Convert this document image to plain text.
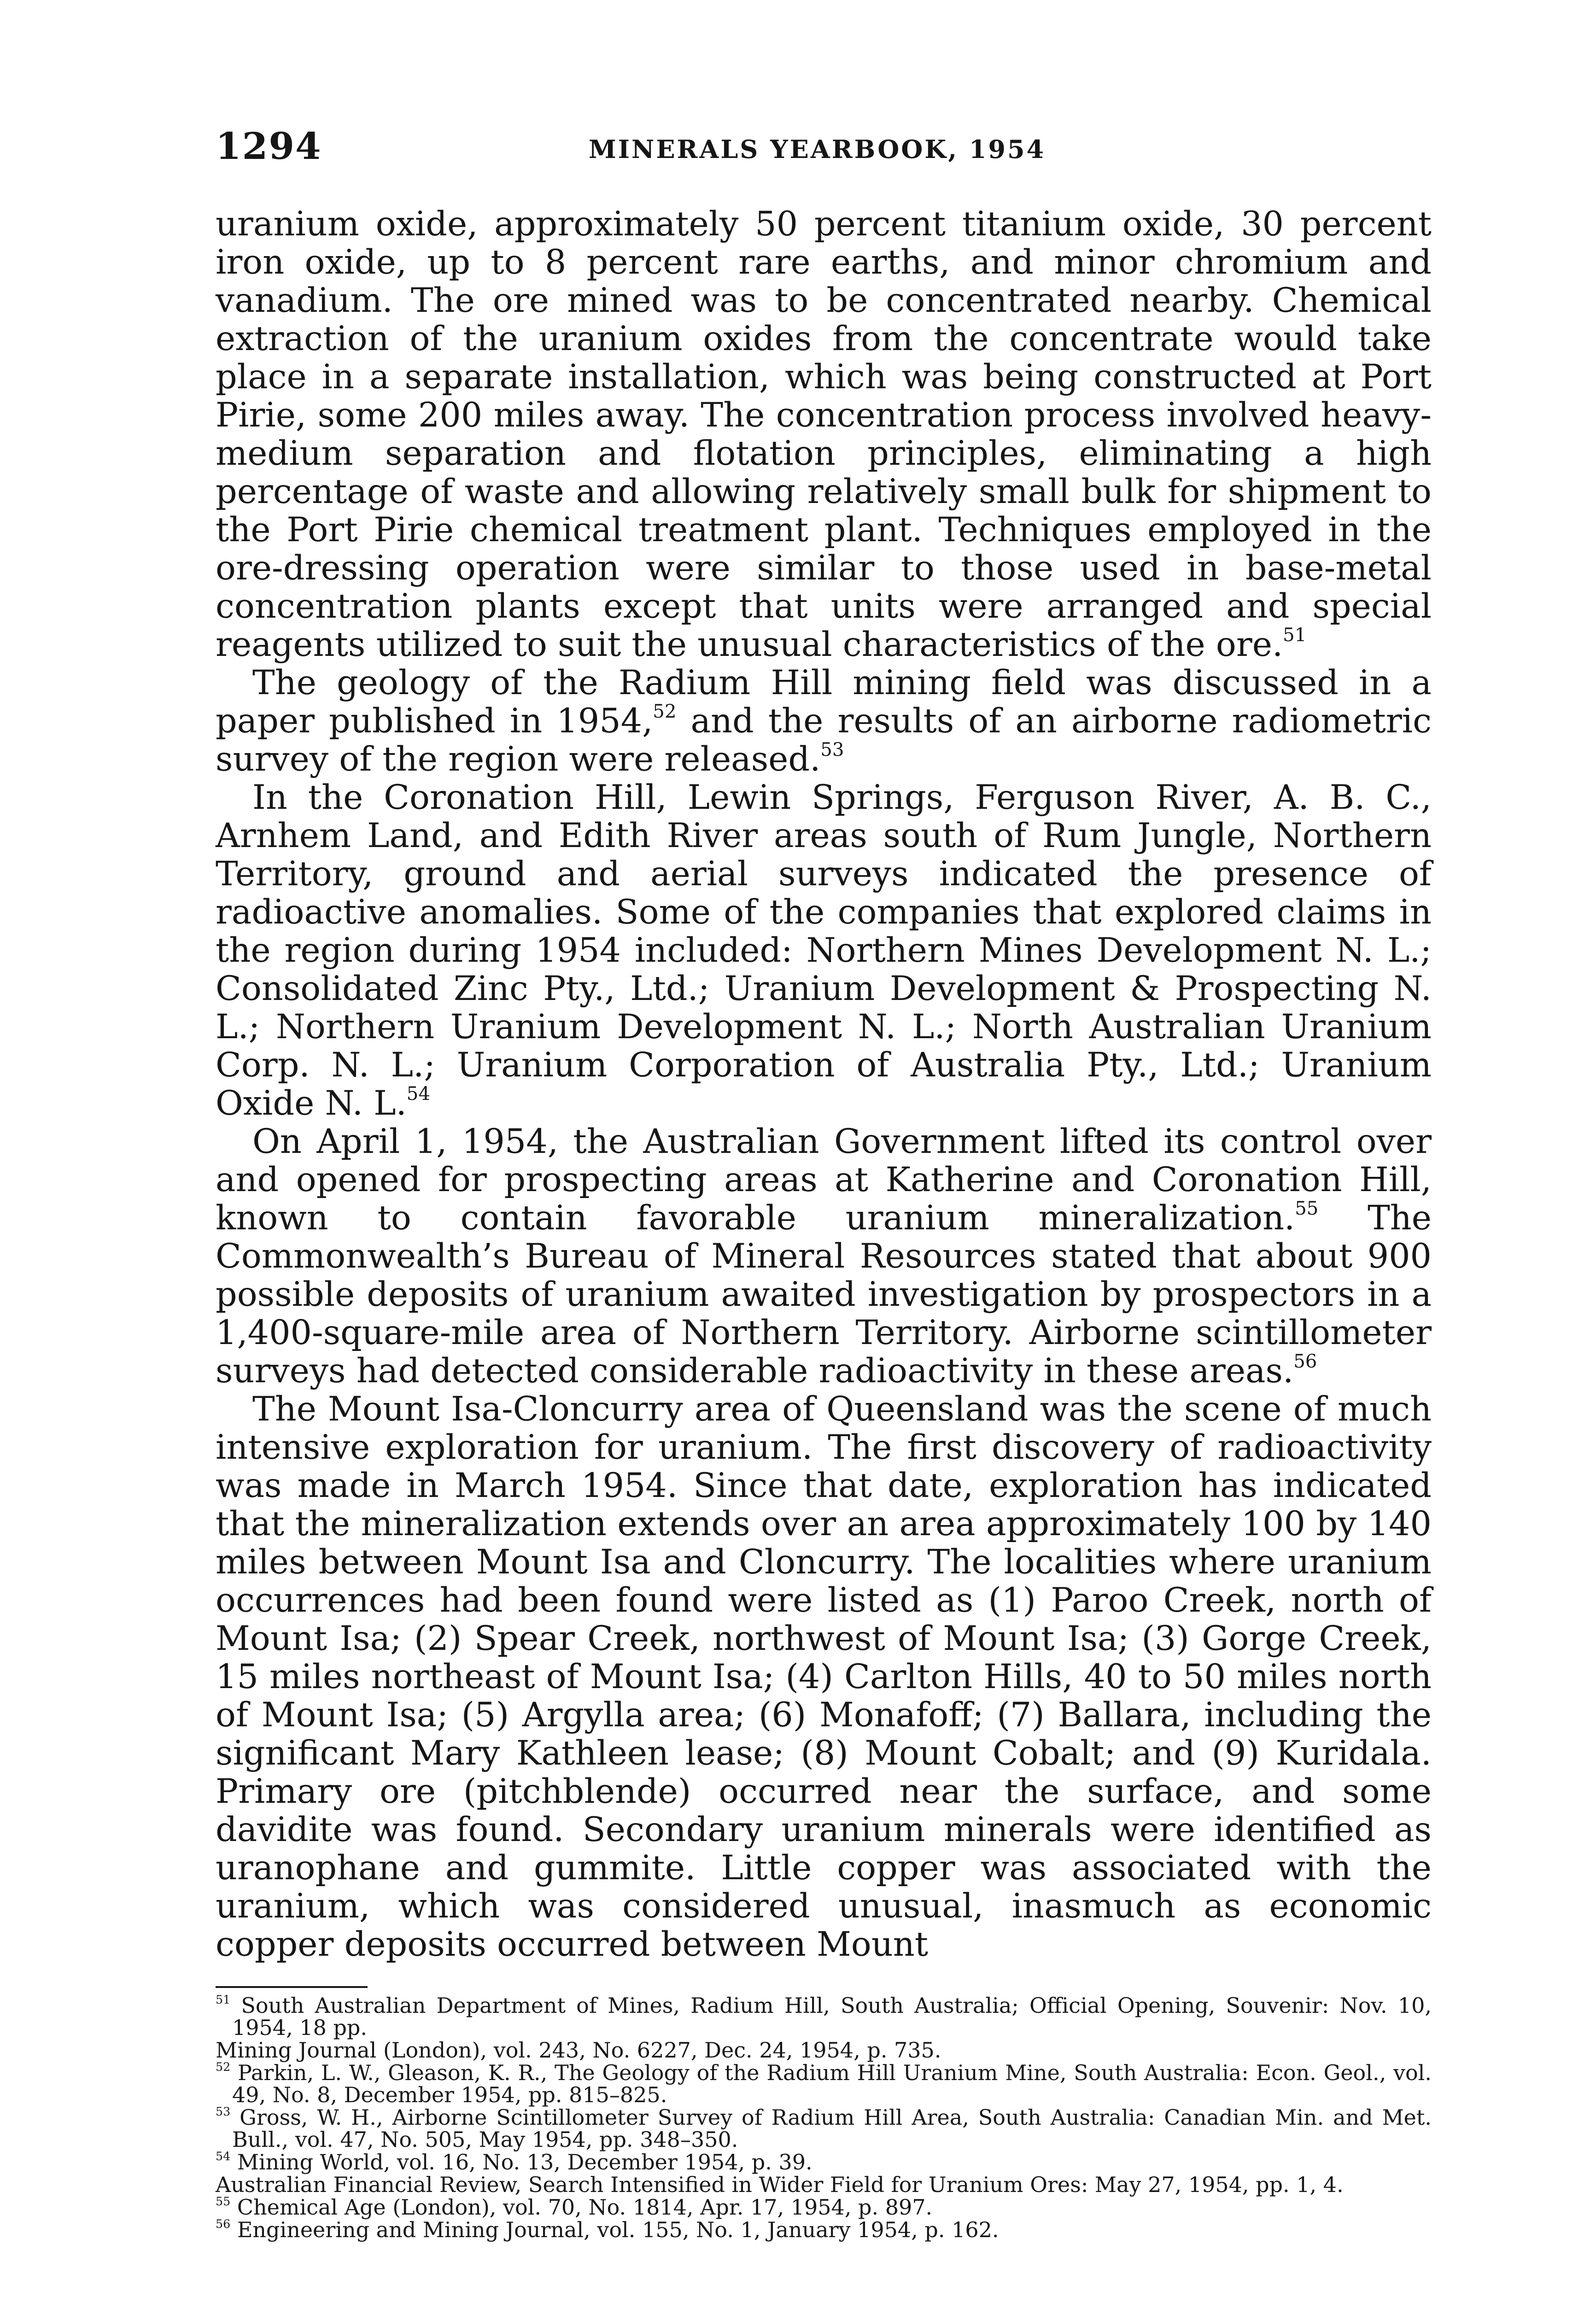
1294	MINERALS YEARBOOK, 1954

uranium oxide, approximately 50 percent titanium oxide, 30 percent iron oxide, up to 8 percent rare earths, and minor chromium and vanadium. The ore mined was to be concentrated nearby. Chemical extraction of the uranium oxides from the concentrate would take place in a separate installation, which was being constructed at Port Pirie, some 200 miles away. The concentration process involved heavy-medium separation and flotation principles, eliminating a high percentage of waste and allowing relatively small bulk for shipment to the Port Pirie chemical treatment plant. Techniques employed in the ore-dressing operation were similar to those used in base-metal concentration plants except that units were arranged and special reagents utilized to suit the unusual characteristics of the ore.$^{51}$

The geology of the Radium Hill mining field was discussed in a paper published in 1954,52 and the results of an airborne radiometric survey of the region were released.$^{53}$

In the Coronation Hill, Lewin Springs, Ferguson River, A. B. C., Arnhem Land, and Edith River areas south of Rum Jungle, Northern Territory, ground and aerial surveys indicated the presence of radioactive anomalies. Some of the companies that explored claims in the region during 1954 included: Northern Mines Development N. L.; Consolidated Zinc Pty., Ltd.; Uranium Development & Prospecting N. L.; Northern Uranium Development N. L.; North Australian Uranium Corp. N. L.; Uranium Corporation of Australia Pty., Ltd.; Uranium Oxide N. L.$^{54}$

On April 1, 1954, the Australian Government lifted its control over and opened for prospecting areas at Katherine and Coronation Hill, known to contain favorable uranium mineralization.$^{55}$ The Commonwealth’s Bureau of Mineral Resources stated that about 900 possible deposits of uranium awaited investigation by prospectors in a 1,400-square-mile area of Northern Territory. Airborne scintillometer surveys had detected considerable radioactivity in these areas.$^{56}$

The Mount Isa-Cloncurry area of Queensland was the scene of much intensive exploration for uranium. The first discovery of radioactivity was made in March 1954. Since that date, exploration has indicated that the mineralization extends over an area approximately 100 by 140 miles between Mount Isa and Cloncurry. The localities where uranium occurrences had been found were listed as (1) Paroo Creek, north of Mount Isa; (2) Spear Creek, northwest of Mount Isa; (3) Gorge Creek, 15 miles northeast of Mount Isa; (4) Carlton Hills, 40 to 50 miles north of Mount Isa; (5) Argylla area; (6) Monafoff; (7) Ballara, including the significant Mary Kathleen lease; (8) Mount Cobalt; and (9) Kuridala. Primary ore (pitchblende) occurred near the surface, and some davidite was found. Secondary uranium minerals were identified as uranophane and gummite. Little copper was associated with the uranium, which was considered unusual, inasmuch as economic copper deposits occurred between Mount

$^{51}$ South Australian Department of Mines, Radium Hill, South Australia; Official Opening, Souvenir: Nov. 10, 1954, 18 pp.

Mining Journal (London), vol. 243, No. 6227, Dec. 24, 1954, p. 735.

$^{52}$ Parkin, L. W., Gleason, K. R., The Geology of the Radium Hill Uranium Mine, South Australia: Econ. Geol., vol. 49, No. 8, December 1954, pp. 815–825.

$^{53}$ Gross, W. H., Airborne Scintillometer Survey of Radium Hill Area, South Australia: Canadian Min. and Met. Bull., vol. 47, No. 505, May 1954, pp. 348–350.

$^{54}$ Mining World, vol. 16, No. 13, December 1954, p. 39.

Australian Financial Review, Search Intensified in Wider Field for Uranium Ores: May 27, 1954, pp. 1, 4.

$^{55}$ Chemical Age (London), vol. 70, No. 1814, Apr. 17, 1954, p. 897.

$^{56}$ Engineering and Mining Journal, vol. 155, No. 1, January 1954, p. 162.
